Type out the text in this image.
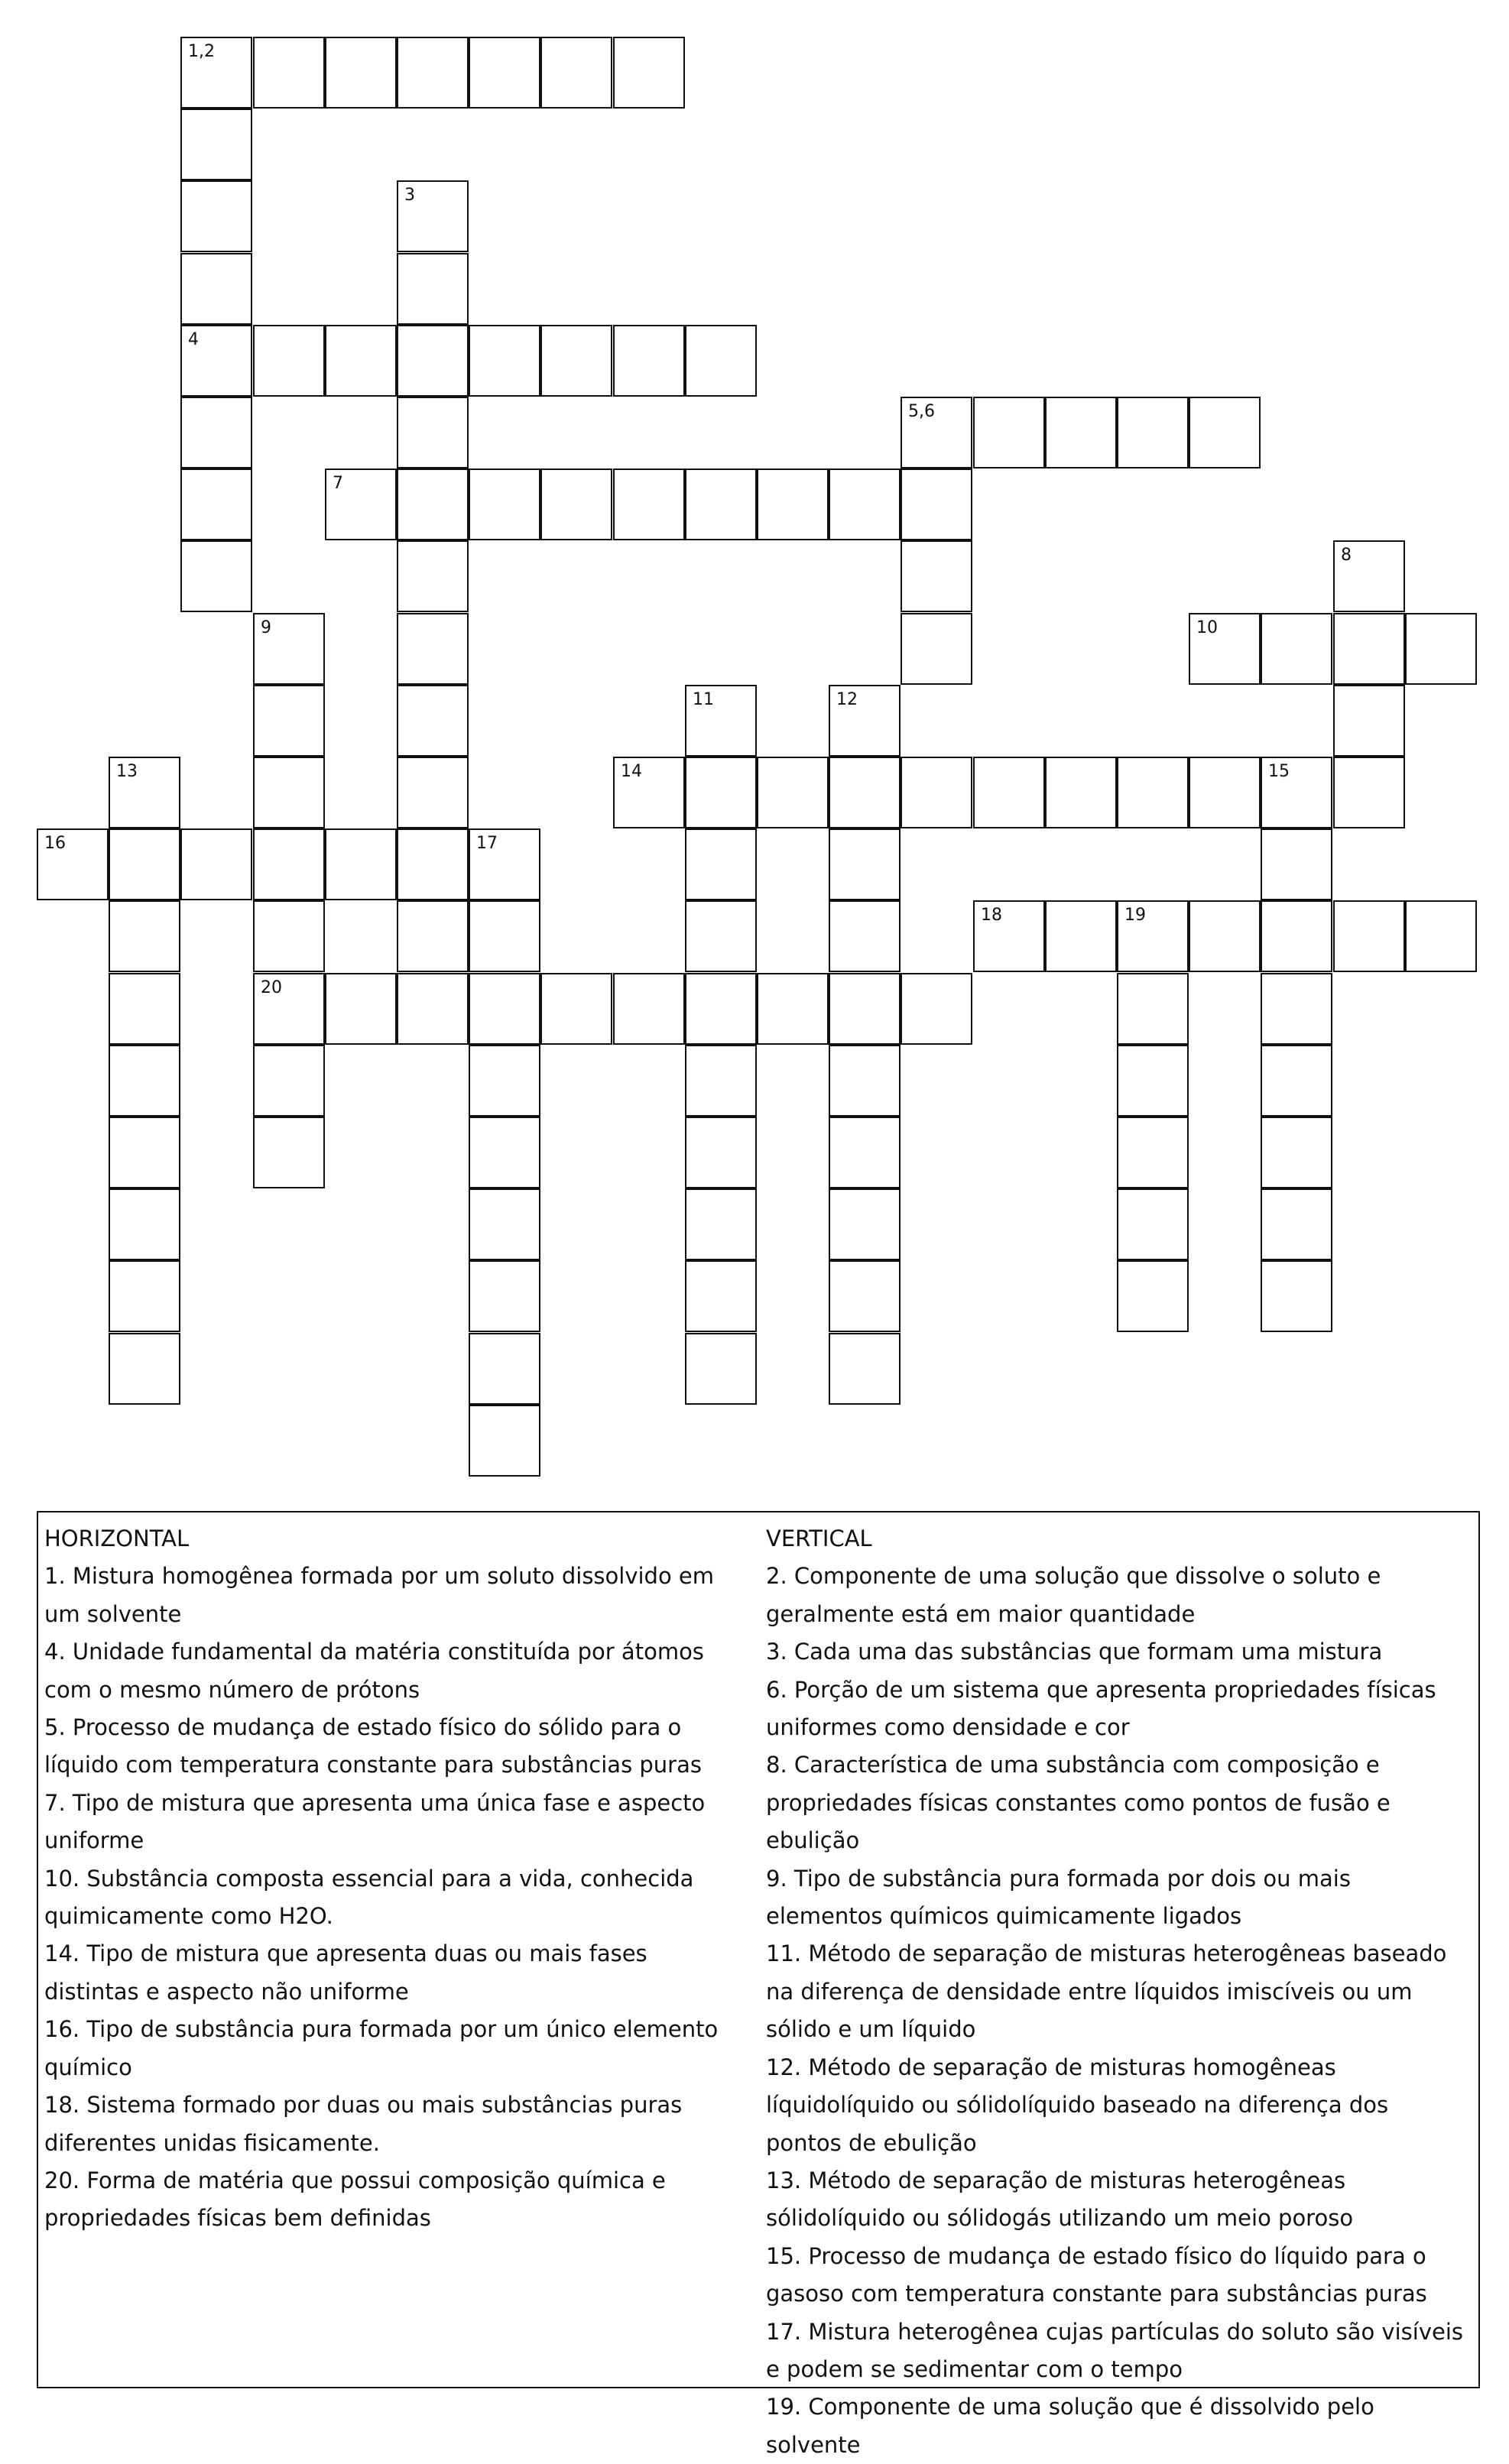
1,2
4
5,6
7
10
14	15
16	17
18	19
20
3
8
9
11	12
13

HORIZONTAL

1. Mistura homogênea formada por um soluto dissolvido em um solvente

4. Unidade fundamental da matéria constituída por átomos com o mesmo número de prótons

5. Processo de mudança de estado físico do sólido para o líquido com temperatura constante para substâncias puras

7. Tipo de mistura que apresenta uma única fase e aspecto uniforme

10. Substância composta essencial para a vida, conhecida quimicamente como H2O.

14. Tipo de mistura que apresenta duas ou mais fases distintas e aspecto não uniforme

16. Tipo de substância pura formada por um único elemento químico

18. Sistema formado por duas ou mais substâncias puras diferentes unidas fisicamente.

20. Forma de matéria que possui composição química e propriedades físicas bem definidas

VERTICAL

2. Componente de uma solução que dissolve o soluto e geralmente está em maior quantidade

3. Cada uma das substâncias que formam uma mistura

6. Porção de um sistema que apresenta propriedades físicas uniformes como densidade e cor

8. Característica de uma substância com composição e propriedades físicas constantes como pontos de fusão e ebulição

9. Tipo de substância pura formada por dois ou mais elementos químicos quimicamente ligados

11. Método de separação de misturas heterogêneas baseado na diferença de densidade entre líquidos imiscíveis ou um sólido e um líquido

12. Método de separação de misturas homogêneas líquidolíquido ou sólidolíquido baseado na diferença dos pontos de ebulição

13. Método de separação de misturas heterogêneas sólidolíquido ou sólidogás utilizando um meio poroso

15. Processo de mudança de estado físico do líquido para o gasoso com temperatura constante para substâncias puras

17. Mistura heterogênea cujas partículas do soluto são visíveis e podem se sedimentar com o tempo

19. Componente de uma solução que é dissolvido pelo solvente
